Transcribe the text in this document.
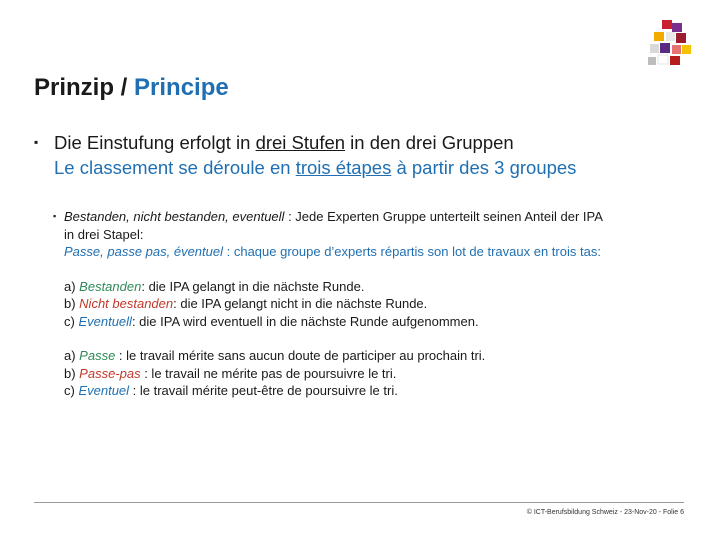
Prinzip / Principe
▪ Die Einstufung erfolgt in drei Stufen in den drei Gruppen
Le classement se déroule en trois étapes à partir des 3 groupes
▪ Bestanden, nicht bestanden, eventuell : Jede Experten Gruppe unterteilt seinen Anteil der IPA
in drei Stapel:
Passe, passe pas, éventuel : chaque groupe d’experts répartis son lot de travaux en trois tas:
a) Bestanden: die IPA gelangt in die nächste Runde.
b) Nicht bestanden: die IPA gelangt nicht in die nächste Runde.
c) Eventuell: die IPA wird eventuell in die nächste Runde aufgenommen.
a) Passe : le travail mérite sans aucun doute de participer au prochain tri.
b) Passe-pas : le travail ne mérite pas de poursuivre le tri.
c) Eventuel : le travail mérite peut-être de poursuivre le tri.
© ICT-Berufsbildung Schweiz - 23-Nov-20 - Folie 6
